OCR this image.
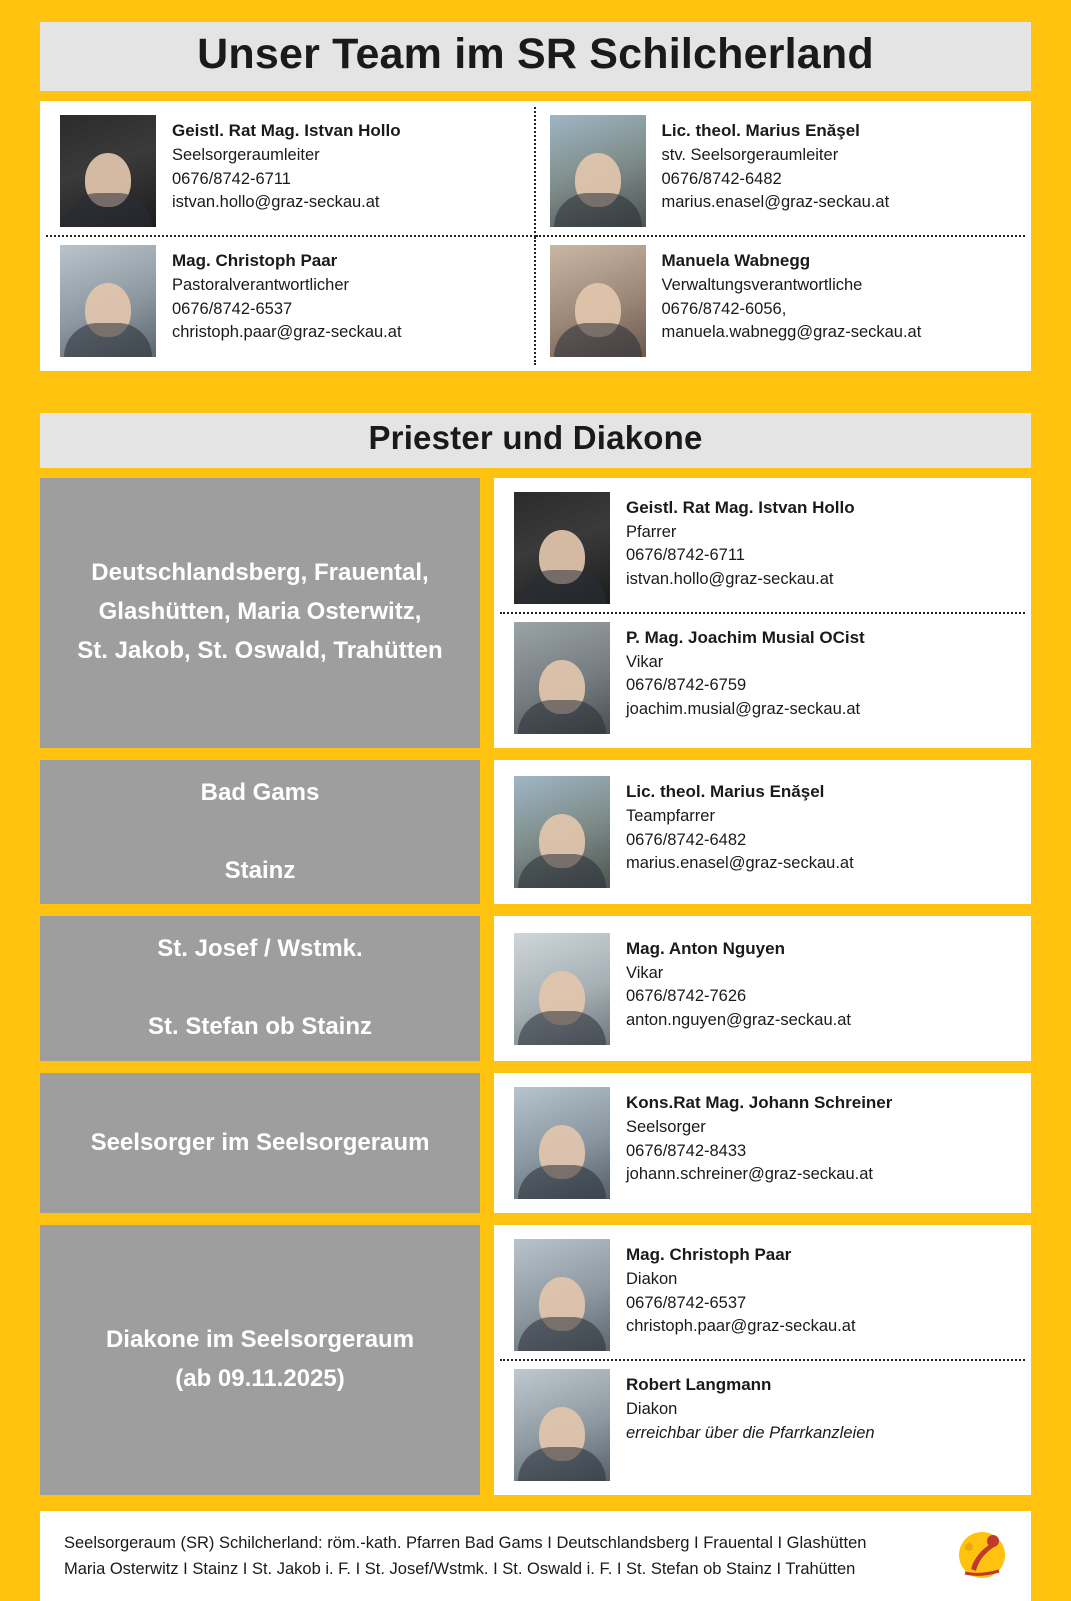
Unser Team im SR Schilcherland
Geistl. Rat Mag. Istvan Hollo
Seelsorgeraumleiter
0676/8742-6711
istvan.hollo@graz-seckau.at
Lic. theol. Marius Enăşel
stv. Seelsorgeraumleiter
0676/8742-6482
marius.enasel@graz-seckau.at
Mag. Christoph Paar
Pastoralverantwortlicher
0676/8742-6537
christoph.paar@graz-seckau.at
Manuela Wabnegg
Verwaltungsverantwortliche
0676/8742-6056,
manuela.wabnegg@graz-seckau.at
Priester und Diakone
Deutschlandsberg, Frauental,
Glashütten, Maria Osterwitz,
St. Jakob, St. Oswald, Trahütten
Geistl. Rat Mag. Istvan Hollo
Pfarrer
0676/8742-6711
istvan.hollo@graz-seckau.at
P. Mag. Joachim Musial OCist
Vikar
0676/8742-6759
joachim.musial@graz-seckau.at
Bad Gams

Stainz
Lic. theol. Marius Enăşel
Teampfarrer
0676/8742-6482
marius.enasel@graz-seckau.at
St. Josef / Wstmk.

St. Stefan ob Stainz
Mag. Anton Nguyen
Vikar
0676/8742-7626
anton.nguyen@graz-seckau.at
Seelsorger im Seelsorgeraum
Kons.Rat Mag. Johann Schreiner
Seelsorger
0676/8742-8433
johann.schreiner@graz-seckau.at
Diakone im Seelsorgeraum
(ab 09.11.2025)
Mag. Christoph Paar
Diakon
0676/8742-6537
christoph.paar@graz-seckau.at
Robert Langmann
Diakon
erreichbar über die Pfarrkanzleien
Seelsorgeraum (SR) Schilcherland: röm.-kath. Pfarren Bad Gams I Deutschlandsberg I Frauental I Glashütten
Maria Osterwitz I Stainz I St. Jakob i. F. I St. Josef/Wstmk. I St. Oswald i. F. I St. Stefan ob Stainz I Trahütten
